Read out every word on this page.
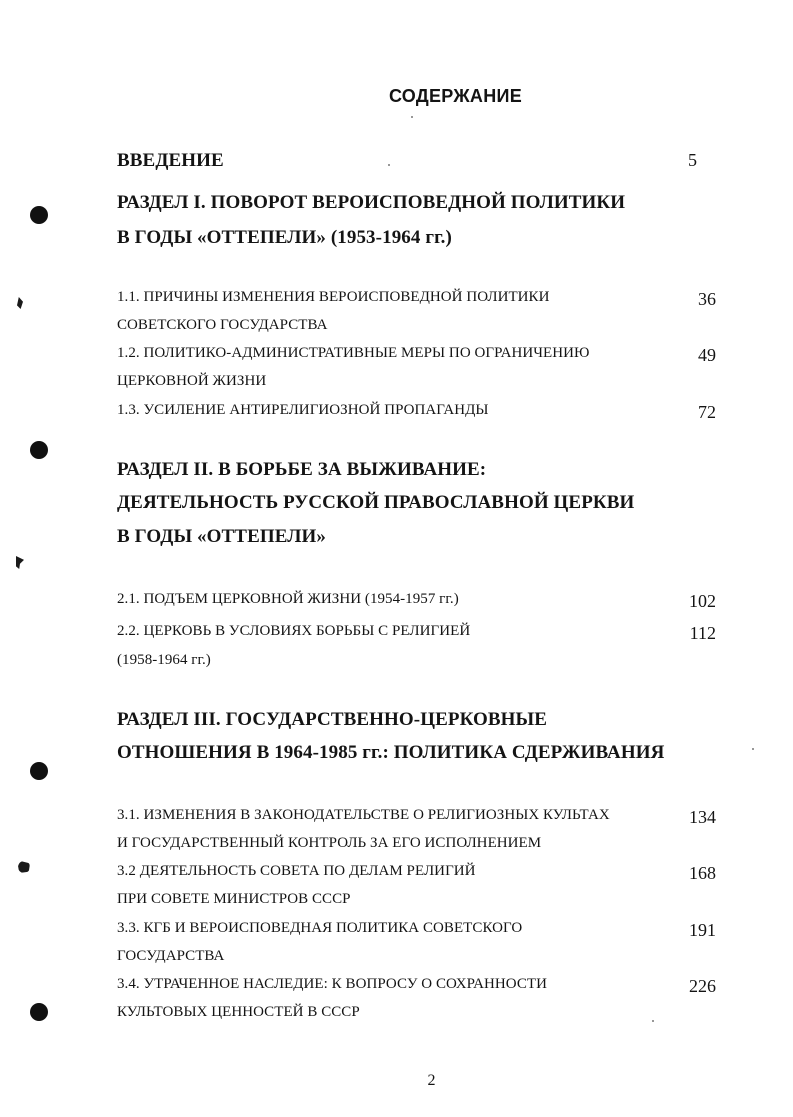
СОДЕРЖАНИЕ
ВВЕДЕНИЕ	5
РАЗДЕЛ I. ПОВОРОТ ВЕРОИСПОВЕДНОЙ ПОЛИТИКИ
В ГОДЫ «ОТТЕПЕЛИ» (1953-1964 гг.)
1.1. ПРИЧИНЫ ИЗМЕНЕНИЯ ВЕРОИСПОВЕДНОЙ ПОЛИТИКИ
СОВЕТСКОГО ГОСУДАРСТВА
36
1.2. ПОЛИТИКО-АДМИНИСТРАТИВНЫЕ МЕРЫ ПО ОГРАНИЧЕНИЮ
ЦЕРКОВНОЙ ЖИЗНИ
49
1.3. УСИЛЕНИЕ АНТИРЕЛИГИОЗНОЙ ПРОПАГАНДЫ	72
РАЗДЕЛ II. В БОРЬБЕ ЗА ВЫЖИВАНИЕ:
ДЕЯТЕЛЬНОСТЬ РУССКОЙ ПРАВОСЛАВНОЙ ЦЕРКВИ
В ГОДЫ «ОТТЕПЕЛИ»
2.1. ПОДЪЕМ ЦЕРКОВНОЙ ЖИЗНИ (1954-1957 гг.)	102
2.2. ЦЕРКОВЬ В УСЛОВИЯХ БОРЬБЫ С РЕЛИГИЕЙ
(1958-1964 гг.)
112
РАЗДЕЛ III. ГОСУДАРСТВЕННО-ЦЕРКОВНЫЕ
ОТНОШЕНИЯ В 1964-1985 гг.: ПОЛИТИКА СДЕРЖИВАНИЯ
3.1. ИЗМЕНЕНИЯ В ЗАКОНОДАТЕЛЬСТВЕ О РЕЛИГИОЗНЫХ КУЛЬТАХ
И ГОСУДАРСТВЕННЫЙ КОНТРОЛЬ ЗА ЕГО ИСПОЛНЕНИЕМ
134
3.2 ДЕЯТЕЛЬНОСТЬ СОВЕТА ПО ДЕЛАМ РЕЛИГИЙ
ПРИ СОВЕТЕ МИНИСТРОВ СССР
168
3.3. КГБ И ВЕРОИСПОВЕДНАЯ ПОЛИТИКА СОВЕТСКОГО
ГОСУДАРСТВА
191
3.4. УТРАЧЕННОЕ НАСЛЕДИЕ: К ВОПРОСУ О СОХРАННОСТИ
КУЛЬТОВЫХ ЦЕННОСТЕЙ В СССР
226
2
